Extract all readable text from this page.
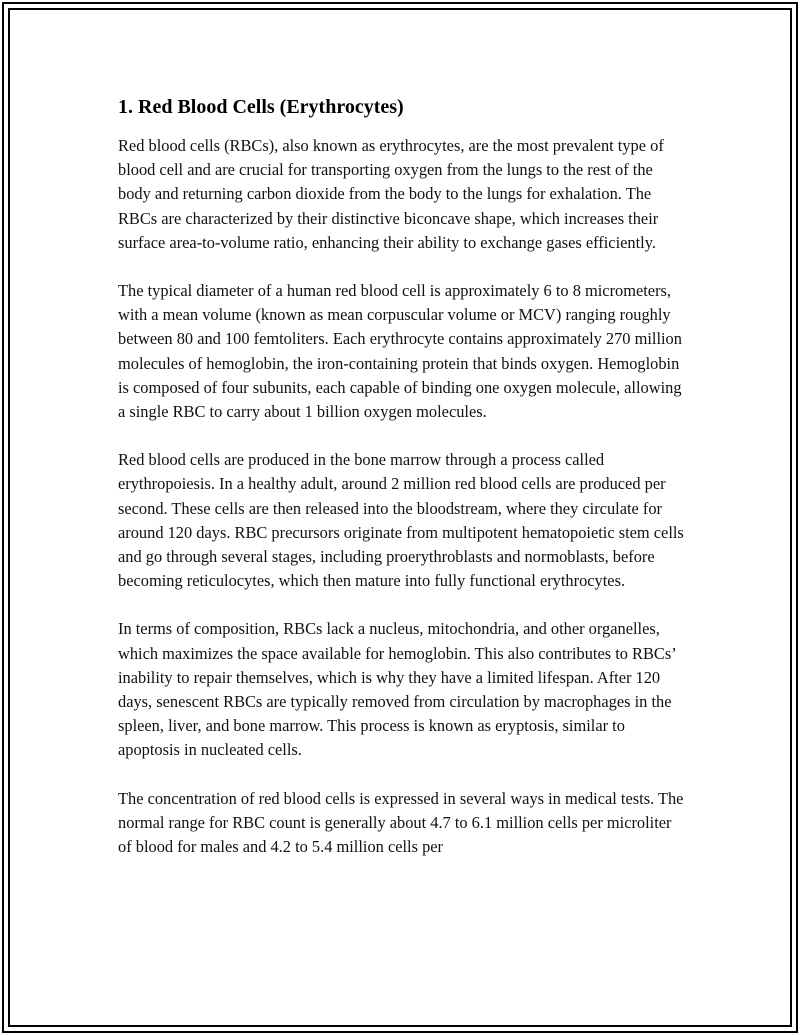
1. Red Blood Cells (Erythrocytes)

Red blood cells (RBCs), also known as erythrocytes, are the most prevalent type of blood cell and are crucial for transporting oxygen from the lungs to the rest of the body and returning carbon dioxide from the body to the lungs for exhalation. The RBCs are characterized by their distinctive biconcave shape, which increases their surface area-to-volume ratio, enhancing their ability to exchange gases efficiently.

The typical diameter of a human red blood cell is approximately 6 to 8 micrometers, with a mean volume (known as mean corpuscular volume or MCV) ranging roughly between 80 and 100 femtoliters. Each erythrocyte contains approximately 270 million molecules of hemoglobin, the iron-containing protein that binds oxygen. Hemoglobin is composed of four subunits, each capable of binding one oxygen molecule, allowing a single RBC to carry about 1 billion oxygen molecules.

Red blood cells are produced in the bone marrow through a process called erythropoiesis. In a healthy adult, around 2 million red blood cells are produced per second. These cells are then released into the bloodstream, where they circulate for around 120 days. RBC precursors originate from multipotent hematopoietic stem cells and go through several stages, including proerythroblasts and normoblasts, before becoming reticulocytes, which then mature into fully functional erythrocytes.

In terms of composition, RBCs lack a nucleus, mitochondria, and other organelles, which maximizes the space available for hemoglobin. This also contributes to RBCs’ inability to repair themselves, which is why they have a limited lifespan. After 120 days, senescent RBCs are typically removed from circulation by macrophages in the spleen, liver, and bone marrow. This process is known as eryptosis, similar to apoptosis in nucleated cells.

The concentration of red blood cells is expressed in several ways in medical tests. The normal range for RBC count is generally about 4.7 to 6.1 million cells per microliter of blood for males and 4.2 to 5.4 million cells per
